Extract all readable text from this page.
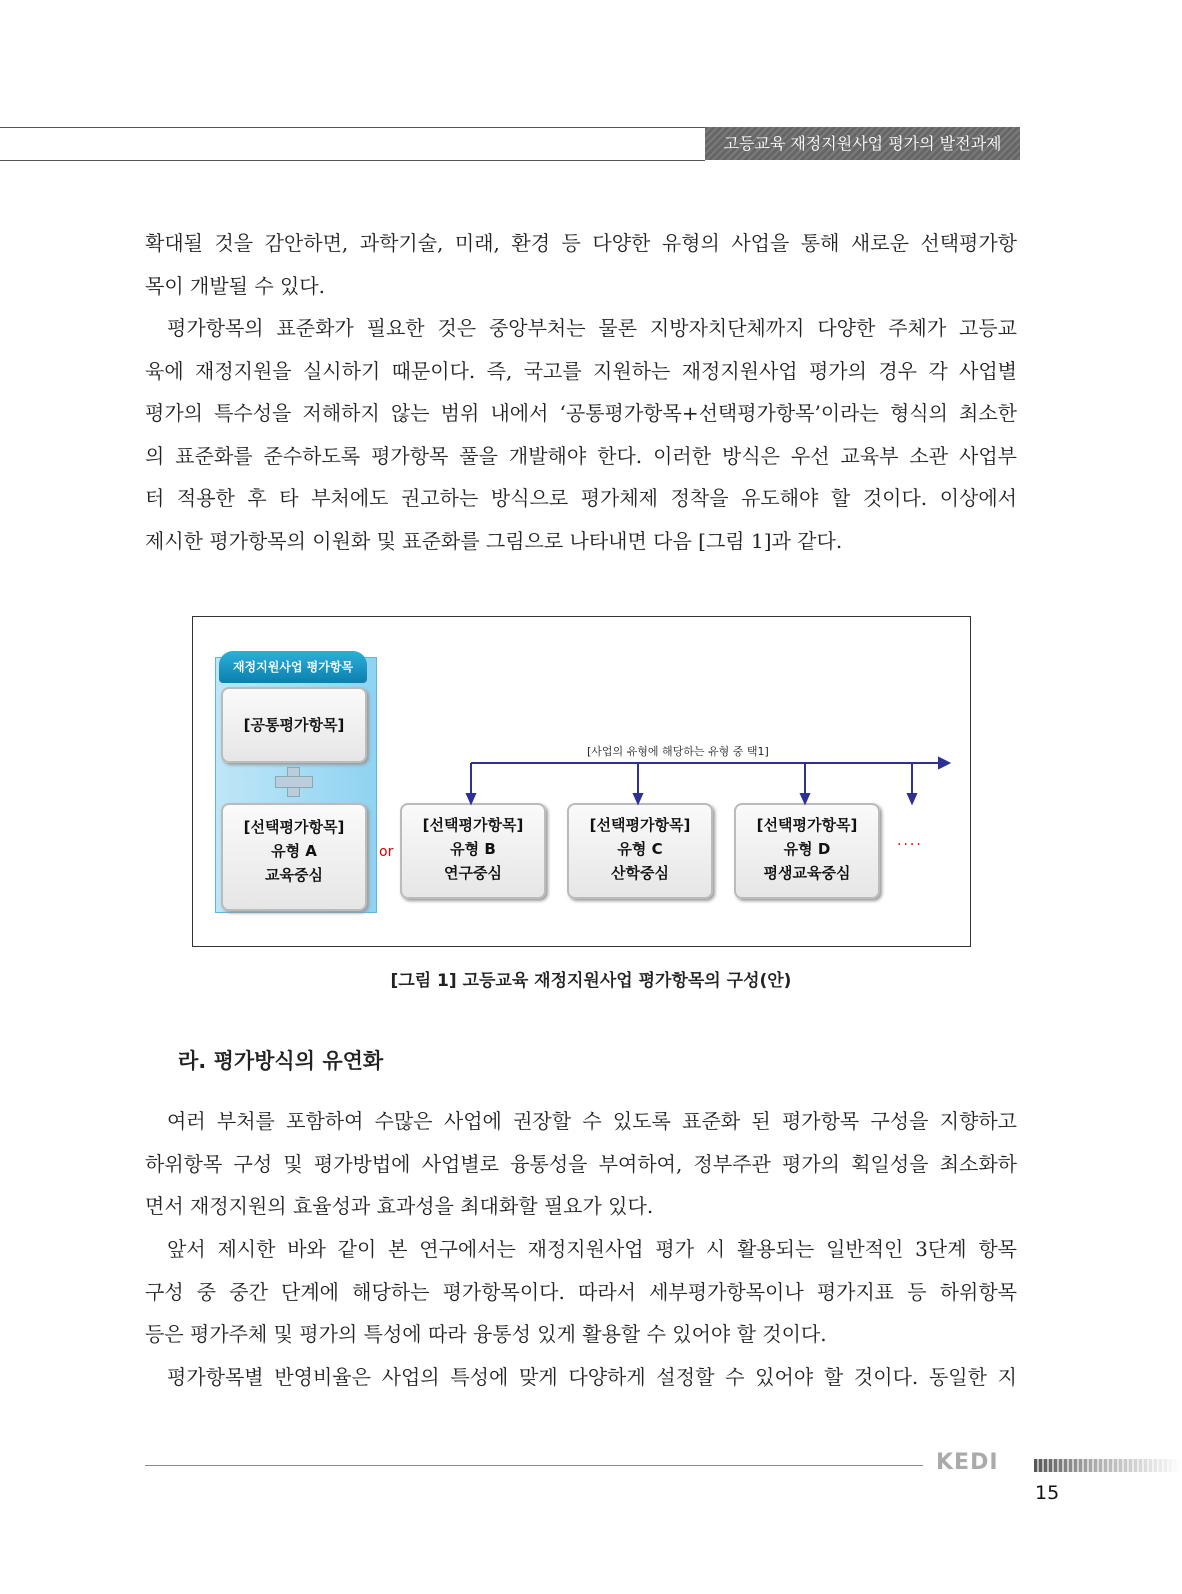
고등교육 재정지원사업 평가의 발전과제
확대될 것을 감안하면, 과학기술, 미래, 환경 등 다양한 유형의 사업을 통해 새로운 선택평가항
목이 개발될 수 있다.
평가항목의 표준화가 필요한 것은 중앙부처는 물론 지방자치단체까지 다양한 주체가 고등교
육에 재정지원을 실시하기 때문이다. 즉, 국고를 지원하는 재정지원사업 평가의 경우 각 사업별
평가의 특수성을 저해하지 않는 범위 내에서 ‘공통평가항목+선택평가항목’이라는 형식의 최소한
의 표준화를 준수하도록 평가항목 풀을 개발해야 한다. 이러한 방식은 우선 교육부 소관 사업부
터 적용한 후 타 부처에도 권고하는 방식으로 평가체제 정착을 유도해야 할 것이다. 이상에서
제시한 평가항목의 이원화 및 표준화를 그림으로 나타내면 다음 [그림 1]과 같다.
재정지원사업 평가항목
[공통평가항목]
[선택평가항목]
유형 A
교육중심
or
[선택평가항목]
유형 B
연구중심
[선택평가항목]
유형 C
산학중심
[선택평가항목]
유형 D
평생교육중심
····
[사업의 유형에 해당하는 유형 중 택1]
[그림 1] 고등교육 재정지원사업 평가항목의 구성(안)
라. 평가방식의 유연화
여러 부처를 포함하여 수많은 사업에 권장할 수 있도록 표준화 된 평가항목 구성을 지향하고
하위항목 구성 및 평가방법에 사업별로 융통성을 부여하여, 정부주관 평가의 획일성을 최소화하
면서 재정지원의 효율성과 효과성을 최대화할 필요가 있다.
앞서 제시한 바와 같이 본 연구에서는 재정지원사업 평가 시 활용되는 일반적인 3단계 항목
구성 중 중간 단계에 해당하는 평가항목이다. 따라서 세부평가항목이나 평가지표 등 하위항목
등은 평가주체 및 평가의 특성에 따라 융통성 있게 활용할 수 있어야 할 것이다.
평가항목별 반영비율은 사업의 특성에 맞게 다양하게 설정할 수 있어야 할 것이다. 동일한 지
KEDI
15
